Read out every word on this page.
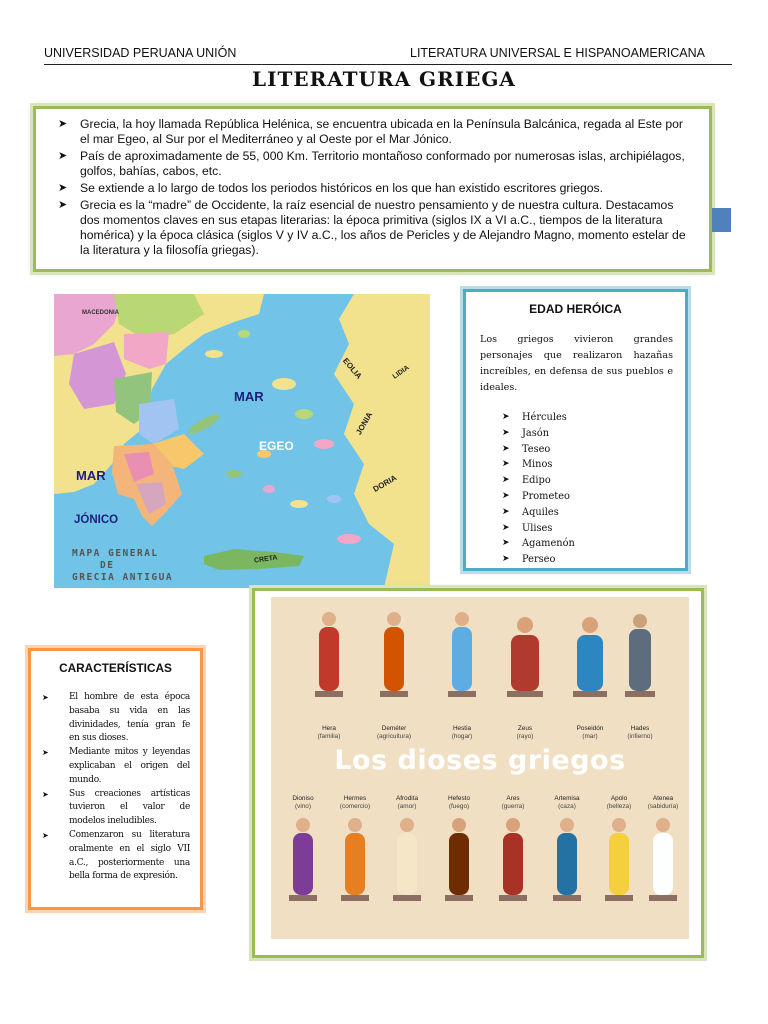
UNIVERSIDAD PERUANA UNIÓN	LITERATURA UNIVERSAL E HISPANOAMERICANA
LITERATURA GRIEGA
➤ Grecia, la hoy llamada República Helénica, se encuentra ubicada en la Península Balcánica, regada al Este por el mar Egeo, al Sur por el Mediterráneo y al Oeste por el Mar Jónico.
➤ País de aproximadamente de 55, 000 Km. Territorio montañoso conformado por numerosas islas, archipiélagos, golfos, bahías, cabos, etc.
➤ Se extiende a lo largo de todos los periodos históricos en los que han existido escritores griegos.
➤ Grecia es la “madre” de Occidente, la raíz esencial de nuestro pensamiento y de nuestra cultura. Destacamos dos momentos claves en sus etapas literarias: la época primitiva (siglos IX a VI a.C., tiempos de la literatura homérica) y la época clásica (siglos V y IV a.C., los años de Pericles y de Alejandro Magno, momento estelar de la literatura y la filosofía griegas).
MAR
EGEO
MAR
JÓNICO
MACEDONIA
EOLIA
JONIA
DORIA
LIDIA
CRETA
MAPA GENERAL
DE
GRECIA ANTIGUA
EDAD HERÓICA

Los griegos vivieron grandes personajes que realizaron hazañas increíbles, en defensa de sus pueblos e ideales.

➤ Hércules
➤ Jasón
➤ Teseo
➤ Minos
➤ Edipo
➤ Prometeo
➤ Aquiles
➤ Ulises
➤ Agamenón
➤ Perseo
Hera
(familia)
Deméter
(agricultura)
Hestia
(hogar)
Zeus
(rayo)
Poseidón
(mar)
Hades
(infierno)
Los dioses griegos
Dioniso
(vino)
Hermes
(comercio)
Afrodita
(amor)
Hefesto
(fuego)
Ares
(guerra)
Artemisa
(caza)
Apolo
(belleza)
Atenea
(sabiduría)
CARACTERÍSTICAS
➤ El hombre de esta época basaba su vida en las divinidades, tenía gran fe en sus dioses.
➤ Mediante mitos y leyendas explicaban el origen del mundo.
➤ Sus creaciones artísticas tuvieron el valor de modelos ineludibles.
➤ Comenzaron su literatura oralmente en el siglo VII a.C., posteriormente una bella forma de expresión.
